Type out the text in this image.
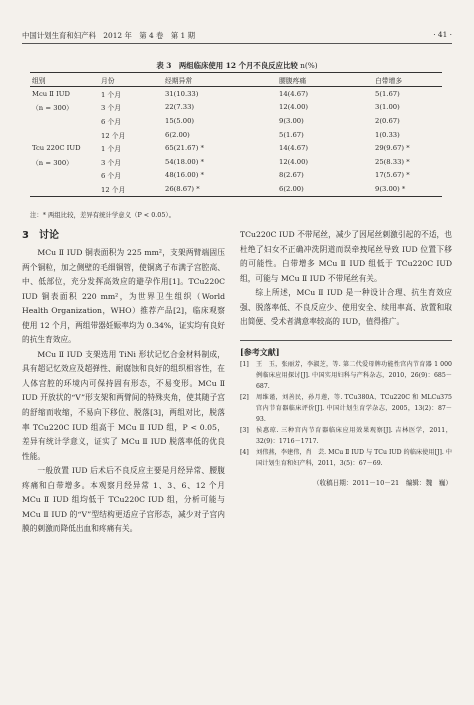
中国计划生育和妇产科　2012 年　第 4 卷　第 1 期	· 41 ·
表 3　两组临床使用 12 个月不良反应比较 n(%)
组别	月份	经期异常	腰腹疼痛	白带增多
Mcu Ⅱ IUD	1 个月	31(10.33)	14(4.67)	5(1.67)
（n = 300）	3 个月	22(7.33)	12(4.00)	3(1.00)
	6 个月	15(5.00)	9(3.00)	2(0.67)
	12 个月	6(2.00)	5(1.67)	1(0.33)
Tcu 220C IUD	1 个月	65(21.67) *	14(4.67)	29(9.67) *
（n = 300）	3 个月	54(18.00) *	12(4.00)	25(8.33) *
	6 个月	48(16.00) *	8(2.67)	17(5.67) *
	12 个月	26(8.67) *	6(2.00)	9(3.00) *
注：* 两组比较，差异有统计学意义（P < 0.05）。
3　讨论

MCu Ⅱ IUD 铜表面积为 225 mm²，支架两臂端固压两个铜粒，加之侧壁的毛细铜管，使铜离子布满子宫腔高、中、低部位，充分发挥高效应的避孕作用[1]。TCu220C IUD 铜表面积 220 mm²，为世界卫生组织（World Health Organization，WHO）推荐产品[2]，临床观察使用 12 个月，两组带器妊娠率均为 0.34%，证实均有良好的抗生育效应。

MCu Ⅱ IUD 支架选用 TiNi 形状记忆合金材料制成，具有超记忆效应及超弹性、耐腐蚀和良好的组织相容性，在人体宫腔的环境内可保持固有形态，不易变形。MCu Ⅱ IUD 开放状的“V”形支架和两臂间的特殊夹角，使其随子宫的舒缩而收缩，不易向下移位、脱落[3]，两组对比，脱落率 TCu220C IUD 组高于 MCu Ⅱ IUD 组，P < 0.05，差异有统计学意义，证实了 MCu Ⅱ IUD 脱落率低的优良性能。

一般放置 IUD 后术后不良反应主要是月经异常、腰腹疼痛和白带增多。本观察月经异常 1、3、6、12 个月 MCu Ⅱ IUD 组均低于 TCu220C IUD 组，分析可能与 MCu Ⅱ IUD 的“V”型结构更适应子宫形态，减少对子宫内膜的刺激而降低出血和疼痛有关。

TCu220C IUD 不带尾丝，减少了因尾丝刺激引起的不适，也杜绝了妇女不正确冲洗阴道而误牵拽尾丝导致 IUD 位置下移的可能性。白带增多 MCu Ⅱ IUD 组低于 TCu220C IUD 组，可能与 MCu Ⅱ IUD 不带尾丝有关。

综上所述，MCu Ⅱ IUD 是一种设计合理、抗生育效应强、脱落率低、不良反应少、使用安全、续用率高、放置和取出简便、受术者满意率较高的 IUD，值得推广。

[参考文献]
[1]	王　玉，张丽芳，李淑芝，等. 第二代爱母牌功能性宫内节育器 1 000 例临床应用探讨[J]. 中国实用妇科与产科杂志，2010，26(9)：685－687.
[2]	周维谨，刘善民，孙月莲，等. TCu380A、TCu220C 和 MLCu375 宫内节育器临床评价[J]. 中国计划生育学杂志，2005，13(2)：87－93.
[3]	侯惠琼. 三种宫内节育器临床应用效果观察[J]. 吉林医学，2011，32(9)：1716－1717.
[4]	刘伟燕，李建伟，肖　芸. MCu Ⅱ IUD 与 TCu IUD 的临床使用[J]. 中国计划生育和妇产科，2011，3(5)：67－69.
（收稿日期：2011－10－21　编辑：魏　巍）
